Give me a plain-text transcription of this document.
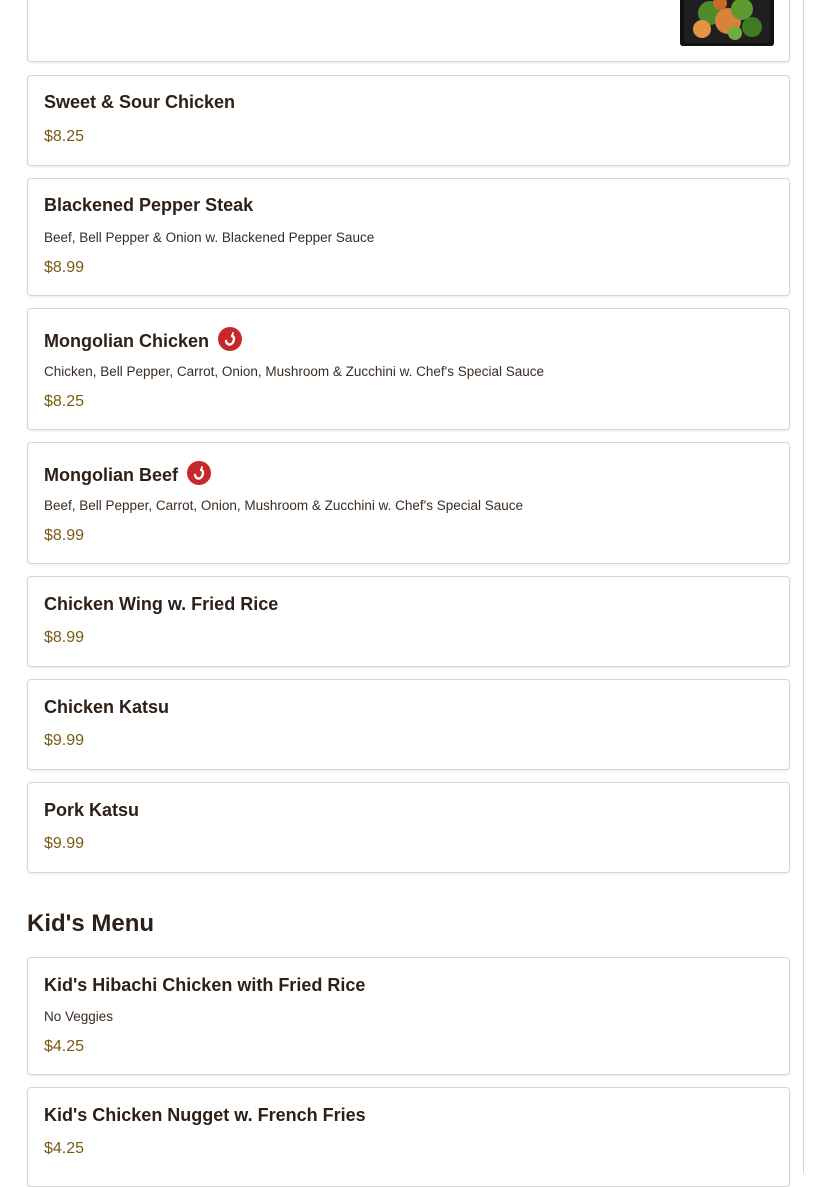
Sweet & Sour Chicken
$8.25
Blackened Pepper Steak
Beef, Bell Pepper & Onion w. Blackened Pepper Sauce
$8.99
Mongolian Chicken
Chicken, Bell Pepper, Carrot, Onion, Mushroom & Zucchini w. Chef's Special Sauce
$8.25
Mongolian Beef
Beef, Bell Pepper, Carrot, Onion, Mushroom & Zucchini w. Chef's Special Sauce
$8.99
Chicken Wing w. Fried Rice
$8.99
Chicken Katsu
$9.99
Pork Katsu
$9.99
Kid's Menu
Kid's Hibachi Chicken with Fried Rice
No Veggies
$4.25
Kid's Chicken Nugget w. French Fries
$4.25
